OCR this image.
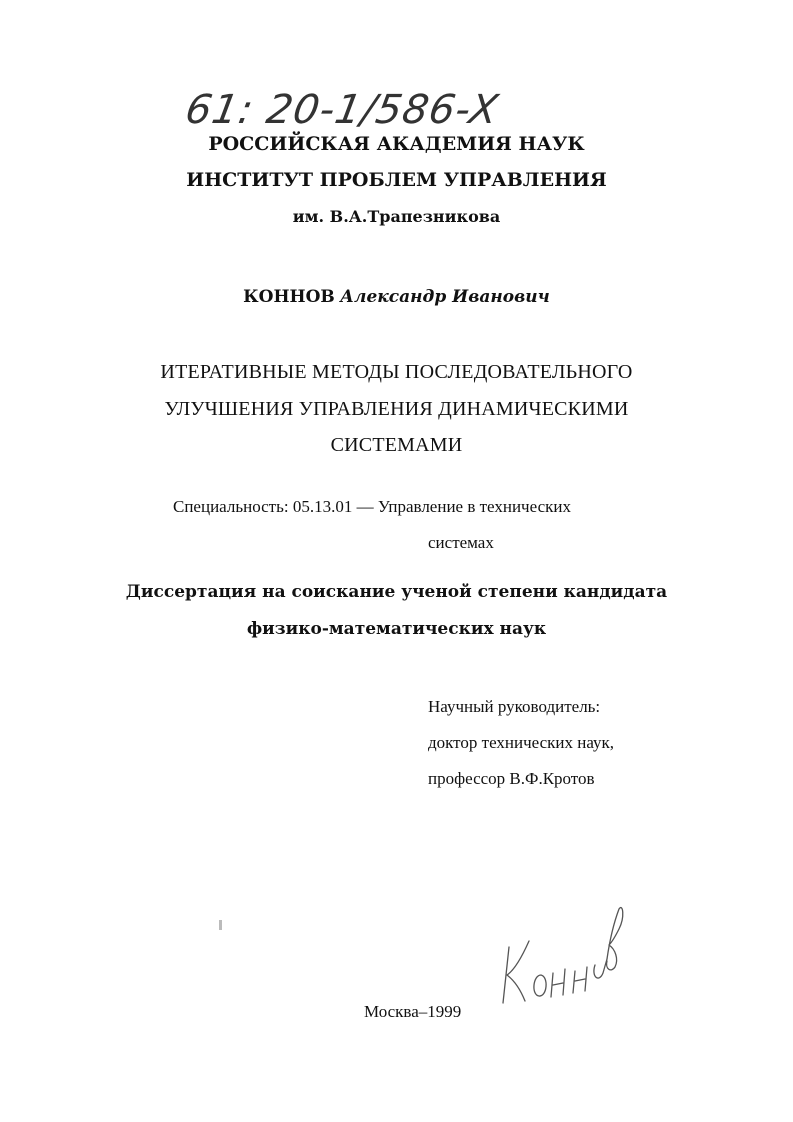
61: 20-1/586-X
РОССИЙСКАЯ АКАДЕМИЯ НАУК
ИНСТИТУТ ПРОБЛЕМ УПРАВЛЕНИЯ
им. В.А.Трапезникова
КОННОВ Александр Иванович
ИТЕРАТИВНЫЕ МЕТОДЫ ПОСЛЕДОВАТЕЛЬНОГО
УЛУЧШЕНИЯ УПРАВЛЕНИЯ ДИНАМИЧЕСКИМИ
СИСТЕМАМИ
Специальность: 05.13.01 — Управление в технических
системах
Диссертация на соискание ученой степени кандидата
физико-математических наук
Научный руководитель:
доктор технических наук,
профессор В.Ф.Кротов
Москва–1999
